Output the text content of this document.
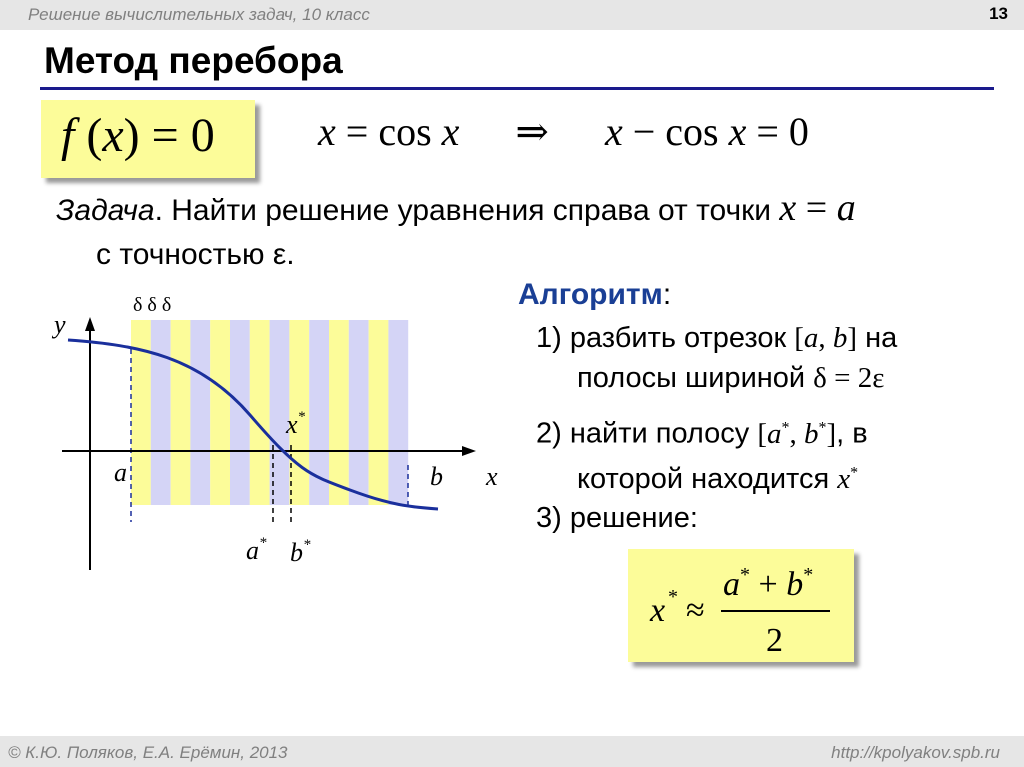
Решение вычислительных задач, 10 класс	13
Метод перебора
f (x) = 0	x = cos x ⇒ x − cos x = 0
Задача. Найти решение уравнения справа от точки x = a
с точностью ε.
Алгоритм:
1) разбить отрезок [a, b] на
полосы шириной δ = 2ε
2) найти полосу [a*, b*], в
которой находится x*
3) решение:
x * ≈
a* + b*
2
y
x
a	b
δ δ δ
x*
a* b*
© К.Ю. Поляков, Е.А. Ерёмин, 2013	http://kpolyakov.spb.ru
